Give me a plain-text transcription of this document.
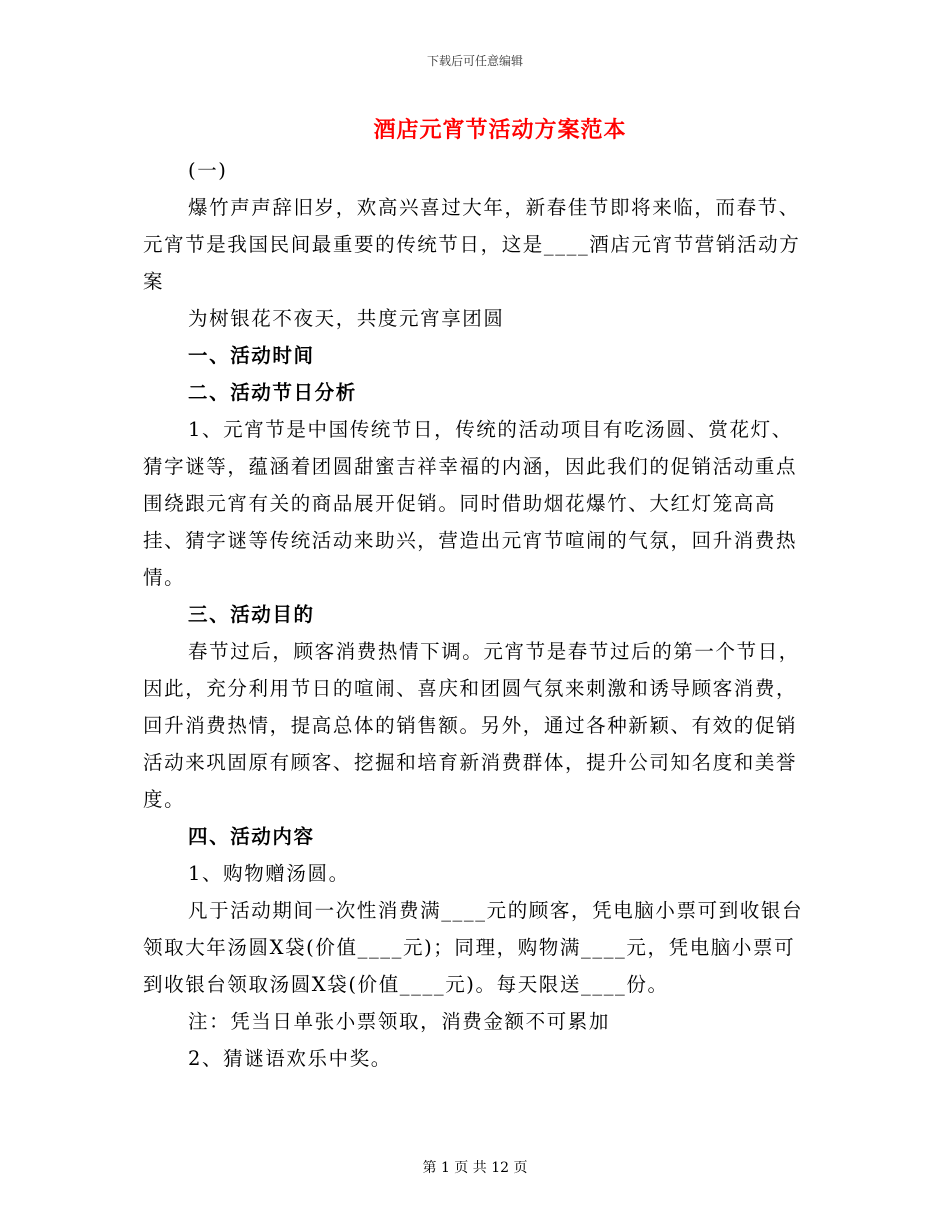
下载后可任意编辑
酒店元宵节活动方案范本

(一)

爆竹声声辞旧岁，欢高兴喜过大年，新春佳节即将来临，而春节、元宵节是我国民间最重要的传统节日，这是____酒店元宵节营销活动方案

为树银花不夜天，共度元宵享团圆

一、活动时间

二、活动节日分析

1、元宵节是中国传统节日，传统的活动项目有吃汤圆、赏花灯、猜字谜等，蕴涵着团圆甜蜜吉祥幸福的内涵，因此我们的促销活动重点围绕跟元宵有关的商品展开促销。同时借助烟花爆竹、大红灯笼高高挂、猜字谜等传统活动来助兴，营造出元宵节喧闹的气氛，回升消费热情。

三、活动目的

春节过后，顾客消费热情下调。元宵节是春节过后的第一个节日，因此，充分利用节日的喧闹、喜庆和团圆气氛来刺激和诱导顾客消费，回升消费热情，提高总体的销售额。另外，通过各种新颖、有效的促销活动来巩固原有顾客、挖掘和培育新消费群体，提升公司知名度和美誉度。

四、活动内容

1、购物赠汤圆。

凡于活动期间一次性消费满____元的顾客，凭电脑小票可到收银台领取大年汤圆X袋(价值____元)；同理，购物满____元，凭电脑小票可到收银台领取汤圆X袋(价值____元)。每天限送____份。

注：凭当日单张小票领取，消费金额不可累加

2、猜谜语欢乐中奖。

第 1 页 共 12 页
